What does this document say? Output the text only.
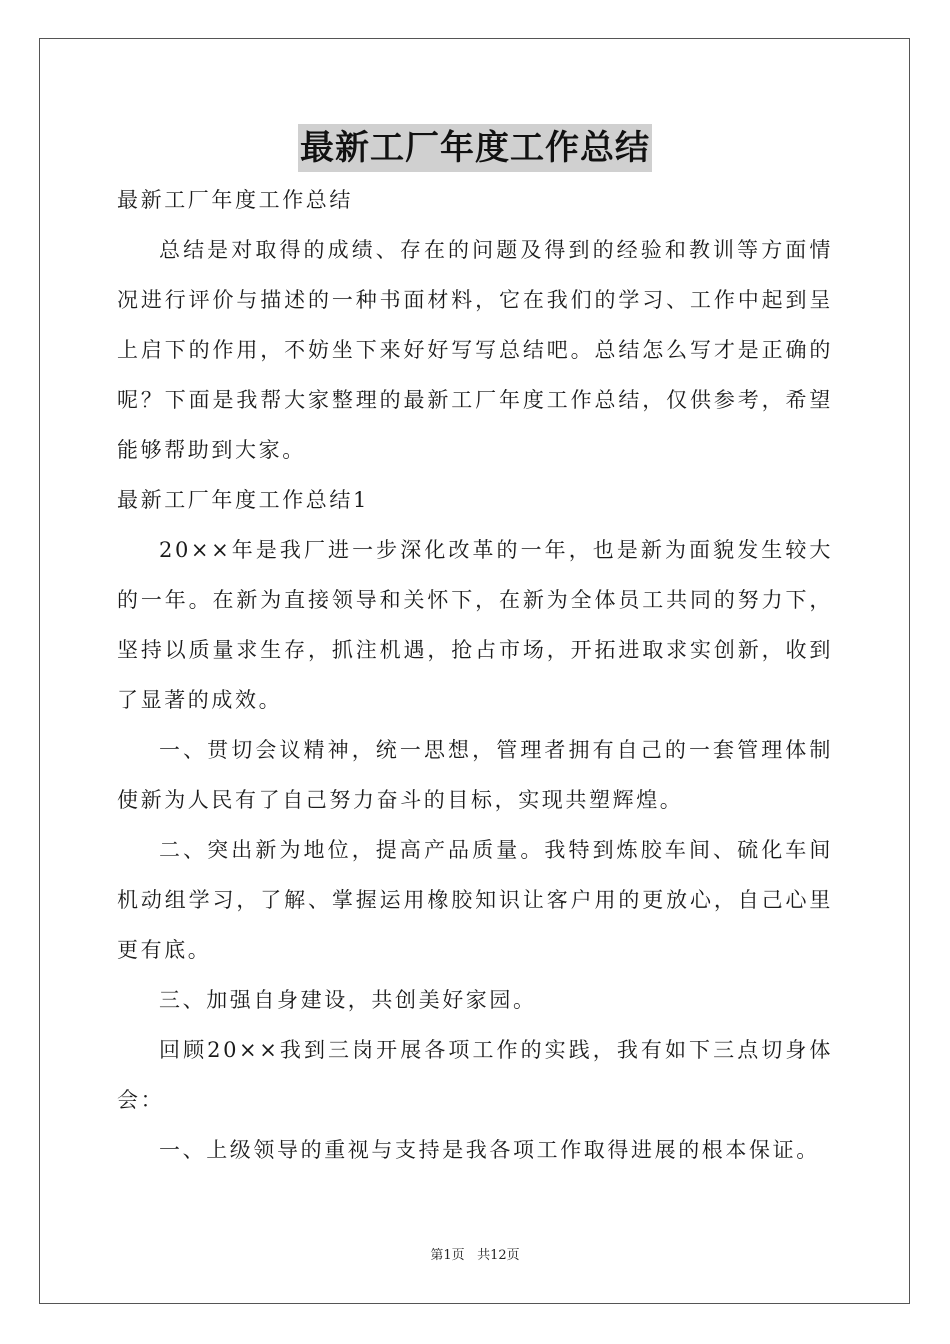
最新工厂年度工作总结

最新工厂年度工作总结

总结是对取得的成绩、存在的问题及得到的经验和教训等方面情况进行评价与描述的一种书面材料，它在我们的学习、工作中起到呈上启下的作用，不妨坐下来好好写写总结吧。总结怎么写才是正确的呢？下面是我帮大家整理的最新工厂年度工作总结，仅供参考，希望能够帮助到大家。

最新工厂年度工作总结1

20××年是我厂进一步深化改革的一年，也是新为面貌发生较大的一年。在新为直接领导和关怀下，在新为全体员工共同的努力下，坚持以质量求生存，抓注机遇，抢占市场，开拓进取求实创新，收到了显著的成效。

一、贯切会议精神，统一思想，管理者拥有自己的一套管理体制使新为人民有了自己努力奋斗的目标，实现共塑辉煌。

二、突出新为地位，提高产品质量。我特到炼胶车间、硫化车间机动组学习，了解、掌握运用橡胶知识让客户用的更放心，自己心里更有底。

三、加强自身建设，共创美好家园。

回顾20××我到三岗开展各项工作的实践，我有如下三点切身体会：

一、上级领导的重视与支持是我各项工作取得进展的根本保证。

第1页 共12页
